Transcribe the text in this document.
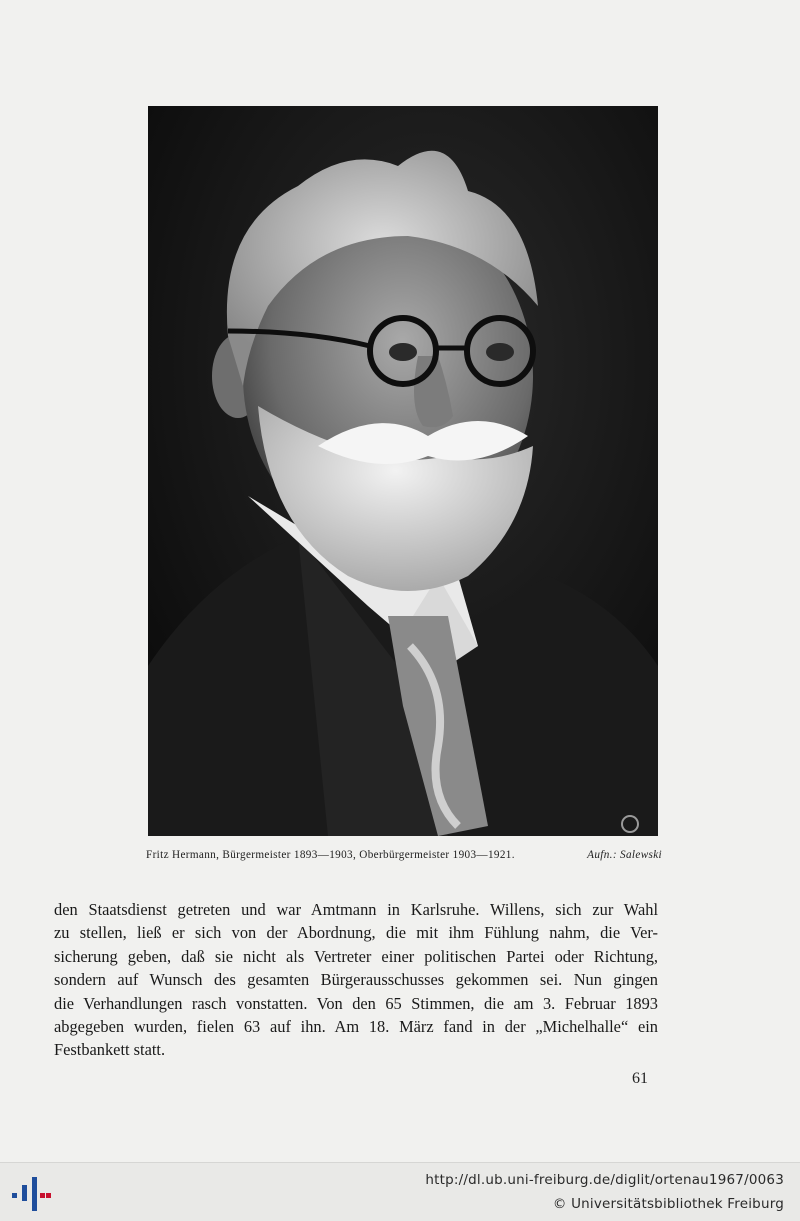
Fritz Hermann, Bürgermeister 1893—1903, Oberbürgermeister 1903—1921.	Aufn.: Salewski
den Staatsdienst getreten und war Amtmann in Karlsruhe. Willens, sich zur Wahl
zu stellen, ließ er sich von der Abordnung, die mit ihm Fühlung nahm, die Ver-
sicherung geben, daß sie nicht als Vertreter einer politischen Partei oder Richtung,
sondern auf Wunsch des gesamten Bürgerausschusses gekommen sei. Nun gingen
die Verhandlungen rasch vonstatten. Von den 65 Stimmen, die am 3. Februar 1893
abgegeben wurden, fielen 63 auf ihn. Am 18. März fand in der „Michelhalle“ ein
Festbankett statt.
61
http://dl.ub.uni-freiburg.de/diglit/ortenau1967/0063
© Universitätsbibliothek Freiburg
